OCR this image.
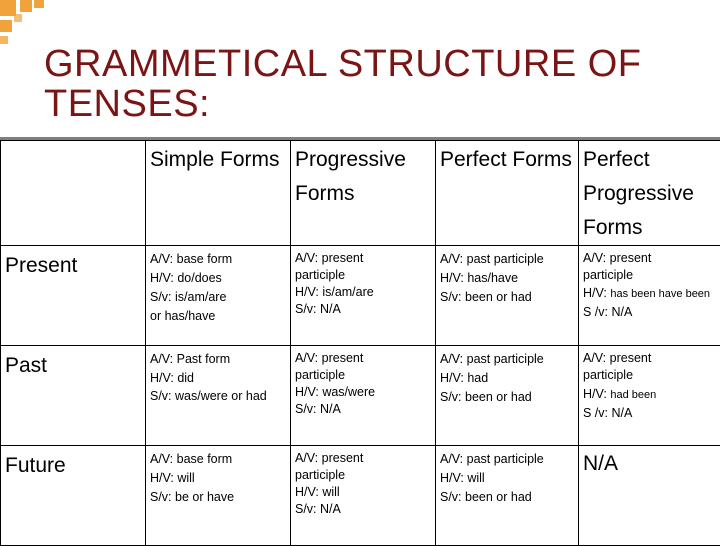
GRAMMETICAL STRUCTURE OF TENSES:
	Simple Forms	Progressive Forms	Perfect Forms	Perfect Progressive Forms
Present	A/V: base form
H/V: do/does
S/v: is/am/are
or has/have	A/V: present participle
H/V: is/am/are
S/v: N/A	A/V: past participle
H/V: has/have
S/v: been or had	A/V: present participle
H/V: has been have been
S /v: N/A

Past	A/V: Past form
H/V: did
S/v: was/were or had	A/V: present participle
H/V: was/were
S/v: N/A	A/V: past participle
H/V: had
S/v: been or had	A/V: present participle
H/V: had been
S /v: N/A

Future	A/V: base form
H/V: will
S/v: be or have	A/V: present participle
H/V: will
S/v: N/A	A/V: past participle
H/V: will
S/v: been or had	N/A
